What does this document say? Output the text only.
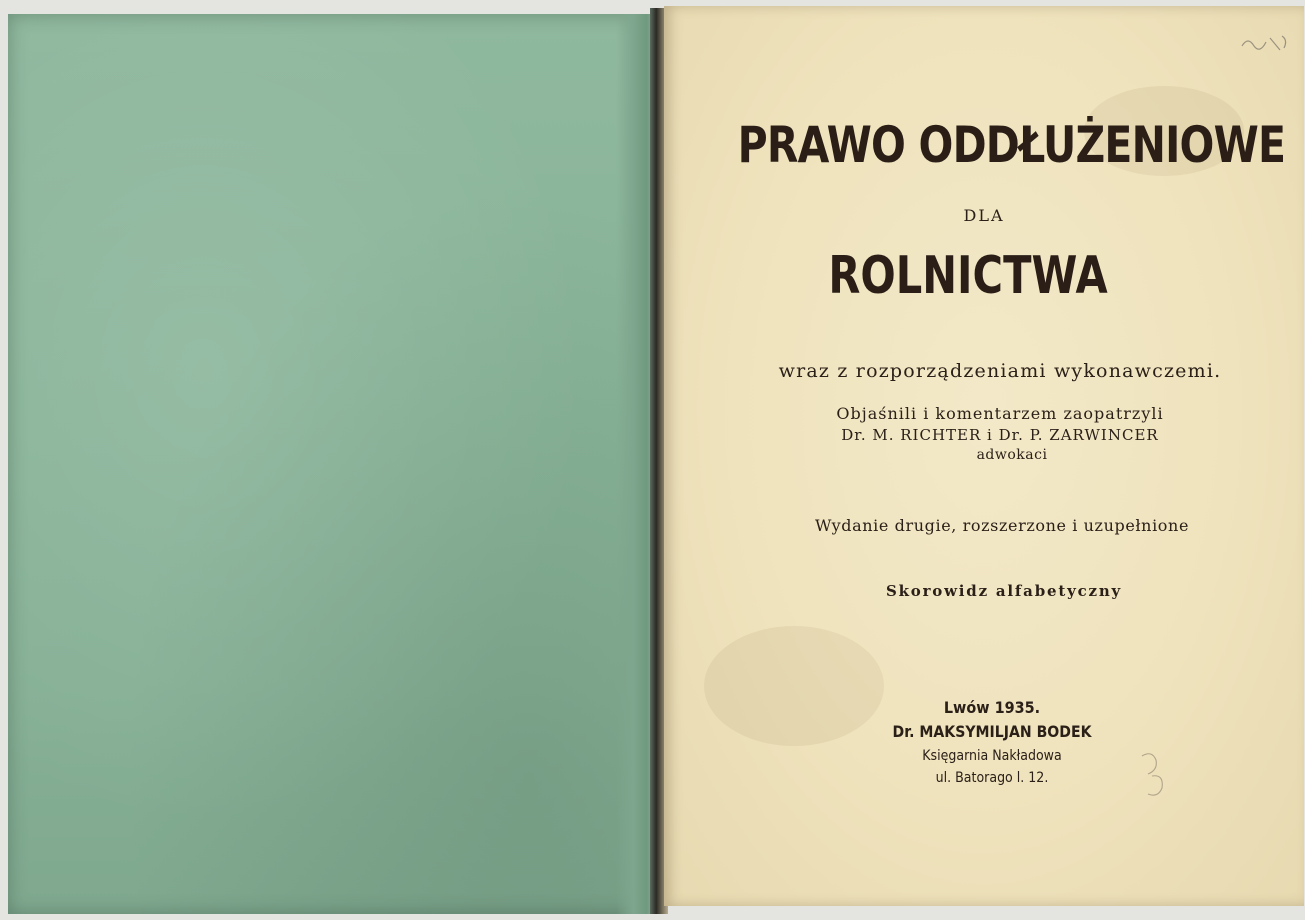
PRAWO ODDŁUŻENIOWE
DLA
ROLNICTWA
wraz z rozporządzeniami wykonawczemi.
Objaśnili i komentarzem zaopatrzyli
Dr. M. RICHTER i Dr. P. ZARWINCER
adwokaci
Wydanie drugie, rozszerzone i uzupełnione
Skorowidz alfabetyczny
Lwów 1935.
Dr. MAKSYMILJAN BODEK
Księgarnia Nakładowa
ul. Batorago l. 12.
